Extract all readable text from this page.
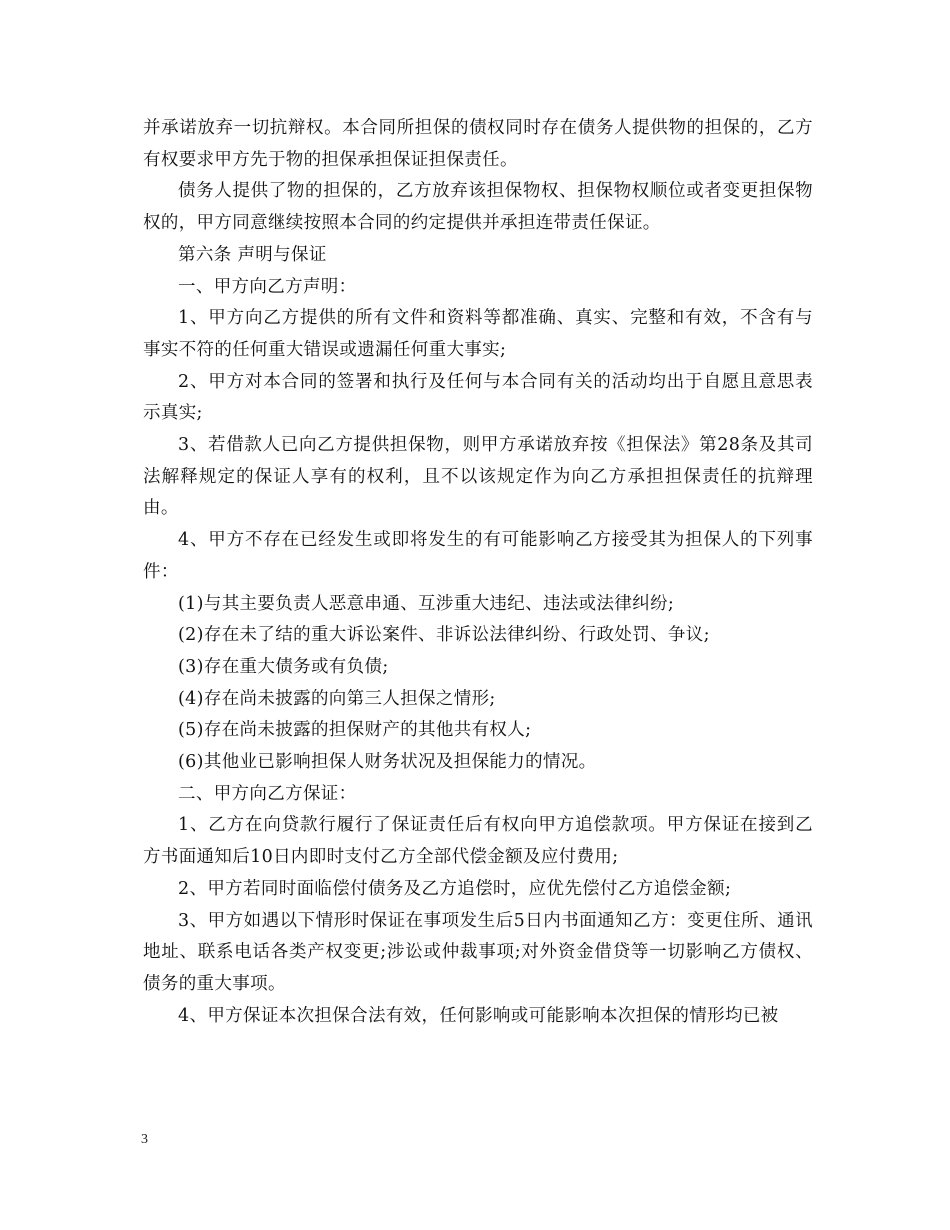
并承诺放弃一切抗辩权。本合同所担保的债权同时存在债务人提供物的担保的，乙方有权要求甲方先于物的担保承担保证担保责任。

债务人提供了物的担保的，乙方放弃该担保物权、担保物权顺位或者变更担保物权的，甲方同意继续按照本合同的约定提供并承担连带责任保证。

第六条 声明与保证

一、甲方向乙方声明：

1、甲方向乙方提供的所有文件和资料等都准确、真实、完整和有效，不含有与事实不符的任何重大错误或遗漏任何重大事实;

2、甲方对本合同的签署和执行及任何与本合同有关的活动均出于自愿且意思表示真实;

3、若借款人已向乙方提供担保物，则甲方承诺放弃按《担保法》第28条及其司法解释规定的保证人享有的权利，且不以该规定作为向乙方承担担保责任的抗辩理由。

4、甲方不存在已经发生或即将发生的有可能影响乙方接受其为担保人的下列事件：

(1)与其主要负责人恶意串通、互涉重大违纪、违法或法律纠纷;

(2)存在未了结的重大诉讼案件、非诉讼法律纠纷、行政处罚、争议;

(3)存在重大债务或有负债;

(4)存在尚未披露的向第三人担保之情形;

(5)存在尚未披露的担保财产的其他共有权人;

(6)其他业已影响担保人财务状况及担保能力的情况。

二、甲方向乙方保证：

1、乙方在向贷款行履行了保证责任后有权向甲方追偿款项。甲方保证在接到乙方书面通知后10日内即时支付乙方全部代偿金额及应付费用;

2、甲方若同时面临偿付债务及乙方追偿时，应优先偿付乙方追偿金额;

3、甲方如遇以下情形时保证在事项发生后5日内书面通知乙方：变更住所、通讯地址、联系电话各类产权变更;涉讼或仲裁事项;对外资金借贷等一切影响乙方债权、债务的重大事项。

4、甲方保证本次担保合法有效，任何影响或可能影响本次担保的情形均已被

3
